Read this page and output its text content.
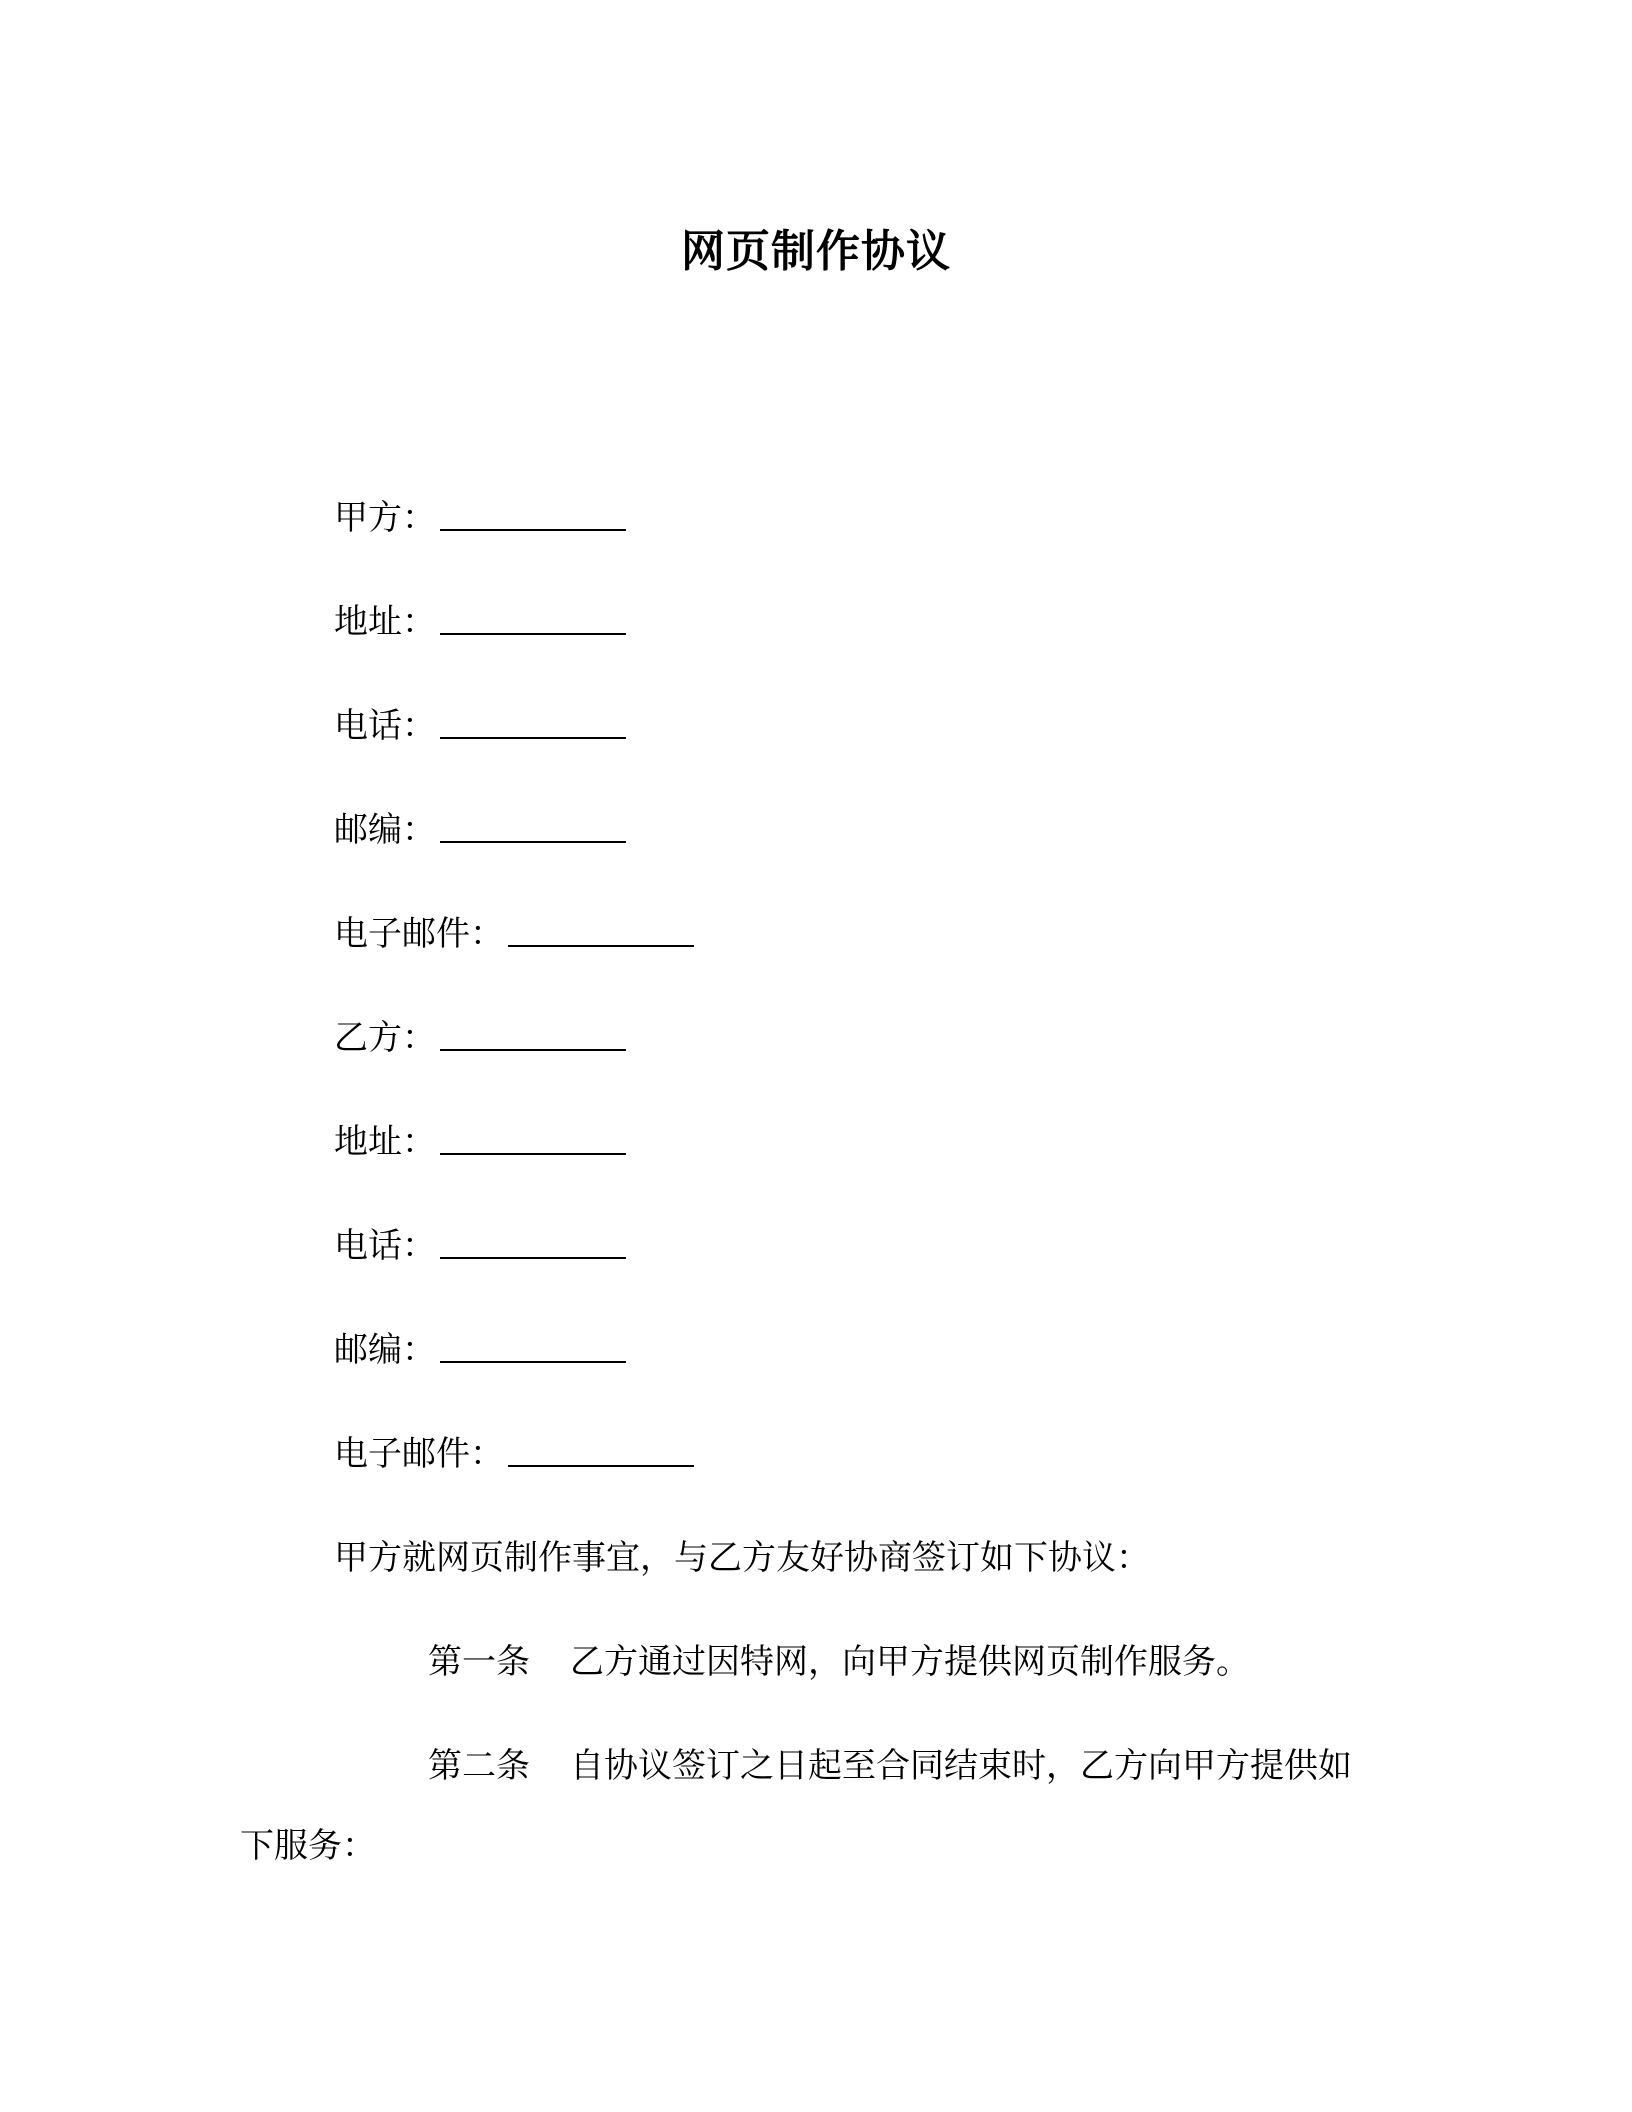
网页制作协议
甲方：
地址：
电话：
邮编：
电子邮件：
乙方：
地址：
电话：
邮编：
电子邮件：

甲方就网页制作事宜，与乙方友好协商签订如下协议：

第一条 乙方通过因特网，向甲方提供网页制作服务。

第二条 自协议签订之日起至合同结束时，乙方向甲方提供如下服务：
